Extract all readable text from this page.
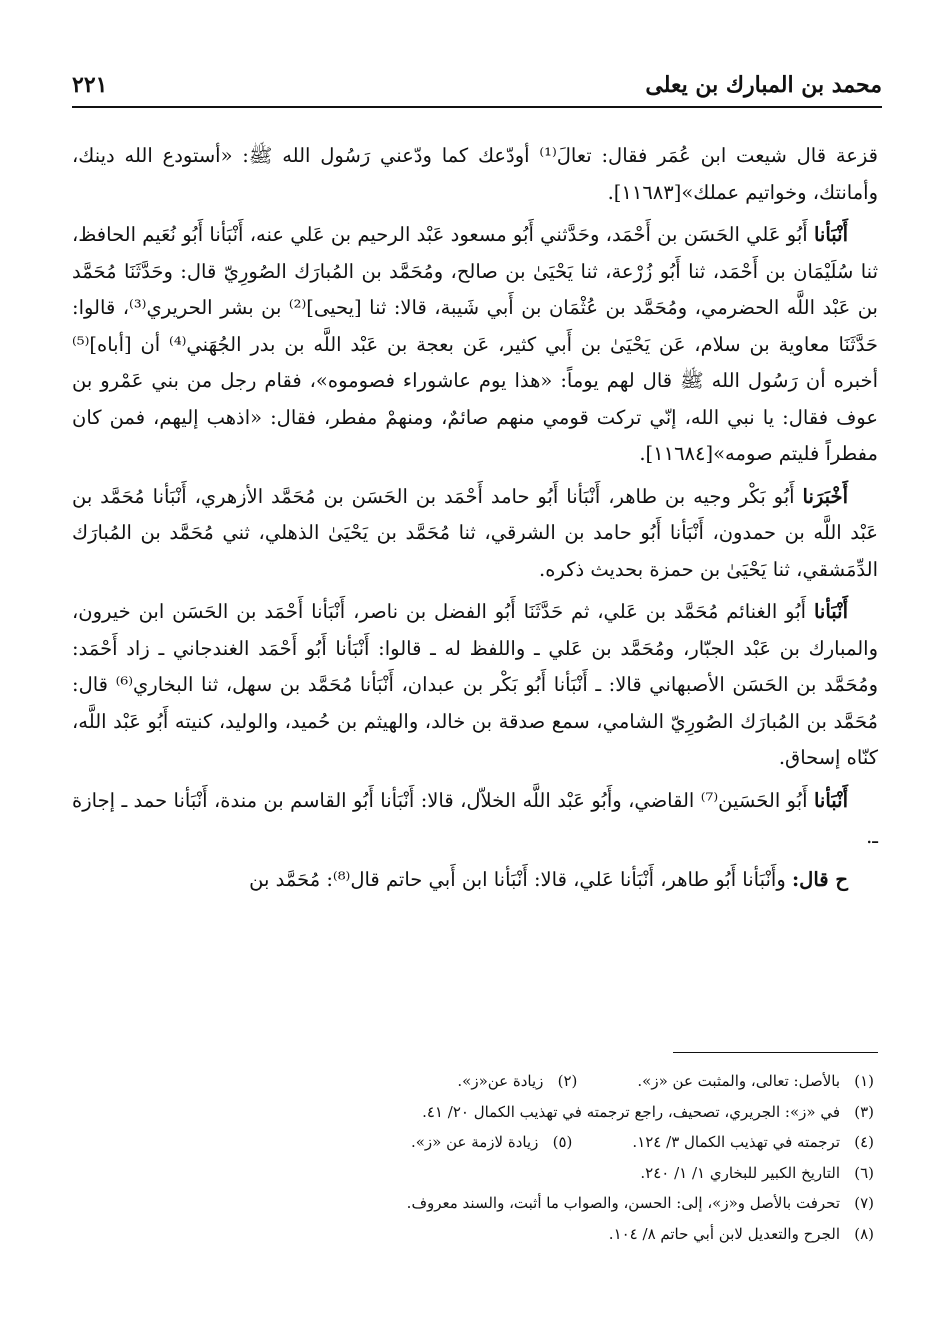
٢٢١	محمد بن المبارك بن يعلى

قزعة قال شيعت ابن عُمَر فقال: تعالَ⁽¹⁾ أودّعك كما ودّعني رَسُول الله ﷺ: «أستودع الله دينك، وأمانتك، وخواتيم عملك»[١١٦٨٣].

أَنْبَأنا أَبُو عَلي الحَسَن بن أَحْمَد، وحَدَّثني أَبُو مسعود عَبْد الرحيم بن عَلي عنه، أَنْبَأنا أَبُو نُعَيم الحافظ، ثنا سُلَيْمَان بن أَحْمَد، ثنا أَبُو زُرْعة، ثنا يَحْيَىٰ بن صالح، ومُحَمَّد بن المُبارَك الصُورِيّ قال: وحَدَّثَنَا مُحَمَّد بن عَبْد اللَّه الحضرمي، ومُحَمَّد بن عُثْمَان بن أَبي شَيبة، قالا: ثنا [يحيى]⁽²⁾ بن بشر الحريري⁽³⁾، قالوا: حَدَّثَنَا معاوية بن سلام، عَن يَحْيَىٰ بن أَبي كثير، عَن بعجة بن عَبْد اللَّه بن بدر الجُهَني⁽⁴⁾ أن [أباه]⁽⁵⁾ أخبره أن رَسُول الله ﷺ قال لهم يوماً: «هذا يوم عاشوراء فصوموه»، فقام رجل من بني عَمْرو بن عوف فقال: يا نبي الله، إنّي تركت قومي منهم صائمٌ، ومنهمْ مفطر، فقال: «اذهب إليهم، فمن كان مفطراً فليتم صومه»[١١٦٨٤].

أَخْبَرَنا أَبُو بَكْر وجيه بن طاهر، أَنْبَأنا أَبُو حامد أَحْمَد بن الحَسَن بن مُحَمَّد الأزهري، أَنْبَأنا مُحَمَّد بن عَبْد اللَّه بن حمدون، أَنْبَأنا أَبُو حامد بن الشرقي، ثنا مُحَمَّد بن يَحْيَىٰ الذهلي، ثني مُحَمَّد بن المُبارَك الدِّمَشقي، ثنا يَحْيَىٰ بن حمزة بحديث ذكره.

أَنْبَأنا أَبُو الغنائم مُحَمَّد بن عَلي، ثم حَدَّثَنَا أَبُو الفضل بن ناصر، أَنْبَأنا أَحْمَد بن الحَسَن ابن خيرون، والمبارك بن عَبْد الجبّار، ومُحَمَّد بن عَلي ـ واللفظ له ـ قالوا: أَنْبَأنا أَبُو أَحْمَد الغندجاني ـ زاد أَحْمَد: ومُحَمَّد بن الحَسَن الأصبهاني قالا: ـ أَنْبَأنا أَبُو بَكْر بن عبدان، أَنْبَأنا مُحَمَّد بن سهل، ثنا البخاري⁽⁶⁾ قال: مُحَمَّد بن المُبارَك الصُورِيّ الشامي، سمع صدقة بن خالد، والهيثم بن حُميد، والوليد، كنيته أَبُو عَبْد اللَّه، كنّاه إسحاق.

أَنْبَأنا أَبُو الحَسَين⁽⁷⁾ القاضي، وأَبُو عَبْد اللَّه الخلاّل، قالا: أَنْبَأنا أَبُو القاسم بن مندة، أَنْبَأنا حمد ـ إجازة ـ.

ح قال: وأَنْبَأنا أَبُو طاهر، أَنْبَأنا عَلي، قالا: أَنْبَأنا ابن أَبي حاتم قال⁽⁸⁾: مُحَمَّد بن

(١)بالأصل: تعالى، والمثبت عن «ز».
(٢)زيادة عن«ز».
(٣)في «ز»: الجريري، تصحيف، راجع ترجمته في تهذيب الكمال ٢٠/ ٤١.
(٤)ترجمته في تهذيب الكمال ٣/ ١٢٤.
(٥)زيادة لازمة عن «ز».
(٦)التاريخ الكبير للبخاري ١/ ١/ ٢٤٠.
(٧)تحرفت بالأصل و«ز»، إلى: الحسن، والصواب ما أثبت، والسند معروف.
(٨)الجرح والتعديل لابن أبي حاتم ٨/ ١٠٤.
